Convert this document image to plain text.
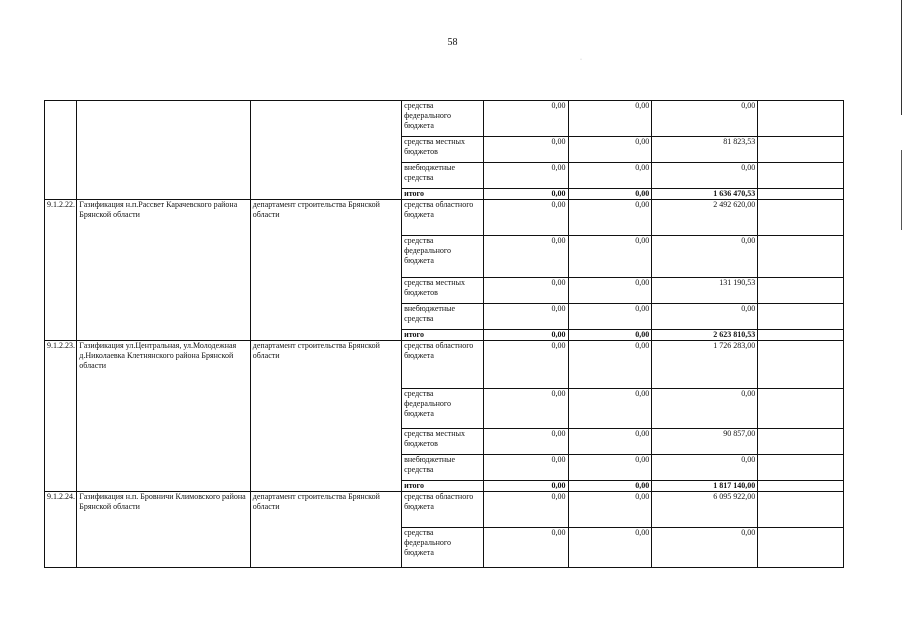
58
·
			средства федерального бюджета	0,00	0,00	0,00	
			средства местных бюджетов	0,00	0,00	81 823,53	
			внебюджетные средства	0,00	0,00	0,00	
			итого	0,00	0,00	1 636 470,53	
9.1.2.22.	Газификация н.п.Рассвет Карачевского района Брянской области	департамент строительства Брянской области	средства областного бюджета	0,00	0,00	2 492 620,00	
			средства федерального бюджета	0,00	0,00	0,00	
			средства местных бюджетов	0,00	0,00	131 190,53	
			внебюджетные средства	0,00	0,00	0,00	
			итого	0,00	0,00	2 623 810,53	
9.1.2.23.	Газификация ул.Центральная, ул.Молодежная д.Николаевка Клетнянского района Брянской области	департамент строительства Брянской области	средства областного бюджета	0,00	0,00	1 726 283,00	
			средства федерального бюджета	0,00	0,00	0,00	
			средства местных бюджетов	0,00	0,00	90 857,00	
			внебюджетные средства	0,00	0,00	0,00	
			итого	0,00	0,00	1 817 140,00	
9.1.2.24.	Газификация н.п. Бровничи Климовского района Брянской области	департамент строительства Брянской области	средства областного бюджета	0,00	0,00	6 095 922,00	
			средства федерального бюджета	0,00	0,00	0,00	
